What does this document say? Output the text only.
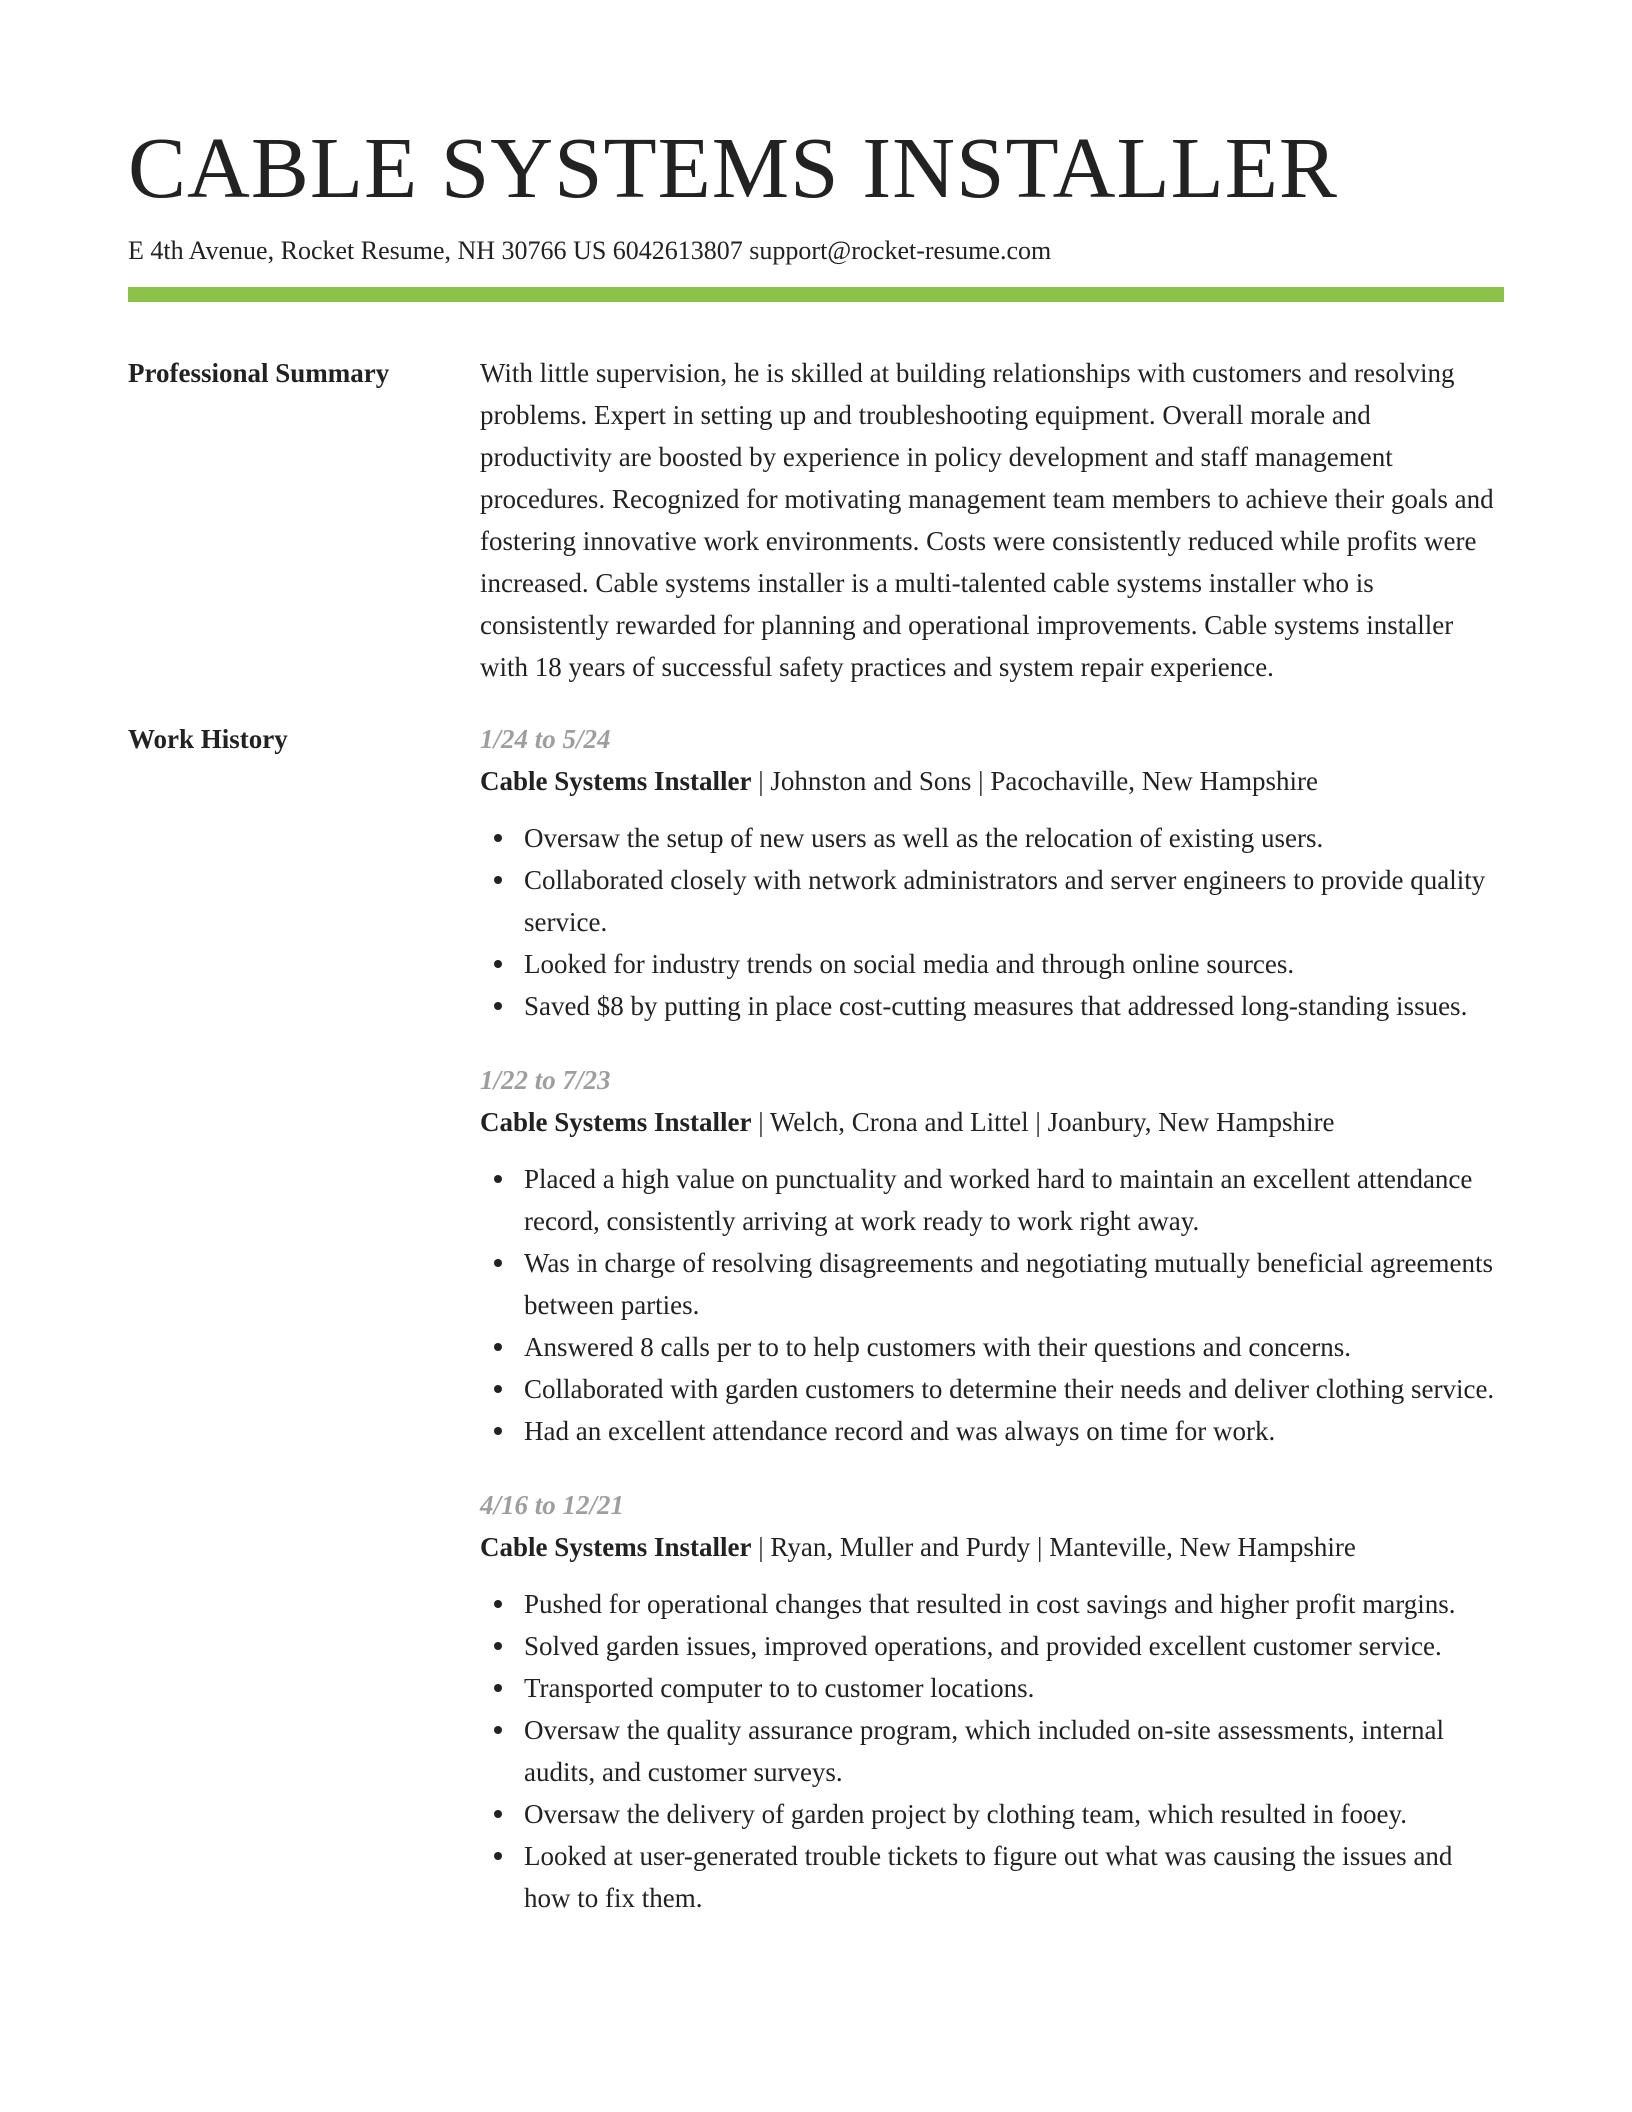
CABLE SYSTEMS INSTALLER
E 4th Avenue, Rocket Resume, NH 30766 US 6042613807 support@rocket-resume.com
Professional Summary	With little supervision, he is skilled at building relationships with customers and resolving problems. Expert in setting up and troubleshooting equipment. Overall morale and productivity are boosted by experience in policy development and staff management procedures. Recognized for motivating management team members to achieve their goals and fostering innovative work environments. Costs were consistently reduced while profits were increased. Cable systems installer is a multi-talented cable systems installer who is consistently rewarded for planning and operational improvements. Cable systems installer with 18 years of successful safety practices and system repair experience.

Work History	1/24 to 5/24
Cable Systems Installer | Johnston and Sons | Pacochaville, New Hampshire
Oversaw the setup of new users as well as the relocation of existing users.
Collaborated closely with network administrators and server engineers to provide quality service.
Looked for industry trends on social media and through online sources.
Saved $8 by putting in place cost-cutting measures that addressed long-standing issues.
1/22 to 7/23
Cable Systems Installer | Welch, Crona and Littel | Joanbury, New Hampshire
Placed a high value on punctuality and worked hard to maintain an excellent attendance record, consistently arriving at work ready to work right away.
Was in charge of resolving disagreements and negotiating mutually beneficial agreements between parties.
Answered 8 calls per to to help customers with their questions and concerns.
Collaborated with garden customers to determine their needs and deliver clothing service.
Had an excellent attendance record and was always on time for work.
4/16 to 12/21
Cable Systems Installer | Ryan, Muller and Purdy | Manteville, New Hampshire
Pushed for operational changes that resulted in cost savings and higher profit margins.
Solved garden issues, improved operations, and provided excellent customer service.
Transported computer to to customer locations.
Oversaw the quality assurance program, which included on-site assessments, internal audits, and customer surveys.
Oversaw the delivery of garden project by clothing team, which resulted in fooey.
Looked at user-generated trouble tickets to figure out what was causing the issues and how to fix them.
